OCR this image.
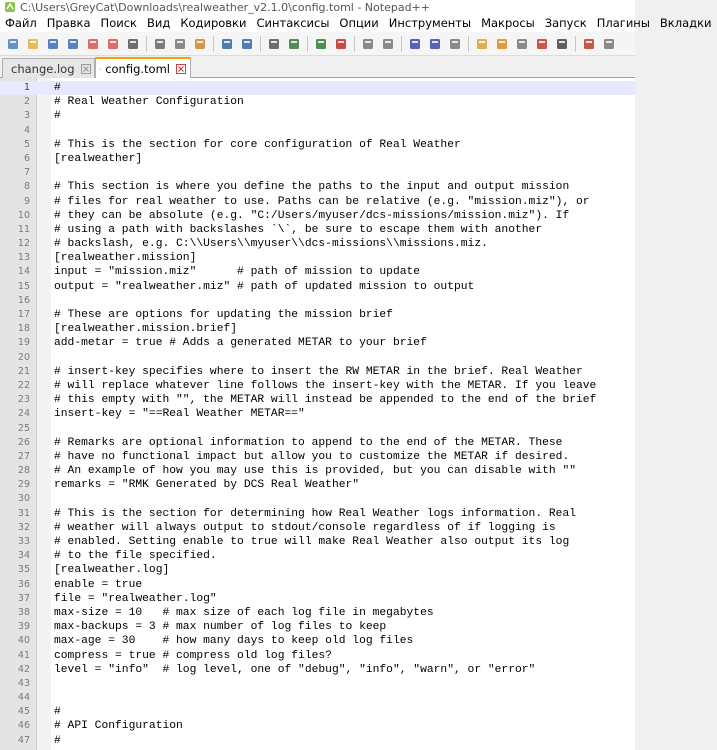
C:\Users\GreyCat\Downloads\realweather_v2.1.0\config.toml - Notepad++
Файл Правка Поиск Вид Кодировки Синтаксисы Опции Инструменты Макросы Запуск Плагины Вкладки
change.log	config.toml
1 #
2 # Real Weather Configuration
3 #
4
5 # This is the section for core configuration of Real Weather
6 [realweather]
7
8 # This section is where you define the paths to the input and output mission
9 # files for real weather to use. Paths can be relative (e.g. "mission.miz"), or
10 # they can be absolute (e.g. "C:/Users/myuser/dcs-missions/mission.miz"). If
11 # using a path with backslashes `\`, be sure to escape them with another
12 # backslash, e.g. C:\\Users\\myuser\\dcs-missions\\missions.miz.
13 [realweather.mission]
14 input = "mission.miz"      # path of mission to update
15 output = "realweather.miz" # path of updated mission to output
16
17 # These are options for updating the mission brief
18 [realweather.mission.brief]
19 add-metar = true # Adds a generated METAR to your brief
20
21 # insert-key specifies where to insert the RW METAR in the brief. Real Weather
22 # will replace whatever line follows the insert-key with the METAR. If you leave
23 # this empty with "", the METAR will instead be appended to the end of the brief
24 insert-key = "==Real Weather METAR=="
25
26 # Remarks are optional information to append to the end of the METAR. These
27 # have no functional impact but allow you to customize the METAR if desired.
28 # An example of how you may use this is provided, but you can disable with ""
29 remarks = "RMK Generated by DCS Real Weather"
30
31 # This is the section for determining how Real Weather logs information. Real
32 # weather will always output to stdout/console regardless of if logging is
33 # enabled. Setting enable to true will make Real Weather also output its log
34 # to the file specified.
35 [realweather.log]
36 enable = true
37 file = "realweather.log"
38 max-size = 10   # max size of each log file in megabytes
39 max-backups = 3 # max number of log files to keep
40 max-age = 30    # how many days to keep old log files
41 compress = true # compress old log files?
42 level = "info"  # log level, one of "debug", "info", "warn", or "error"
43
44
45 #
46 # API Configuration
47 #
